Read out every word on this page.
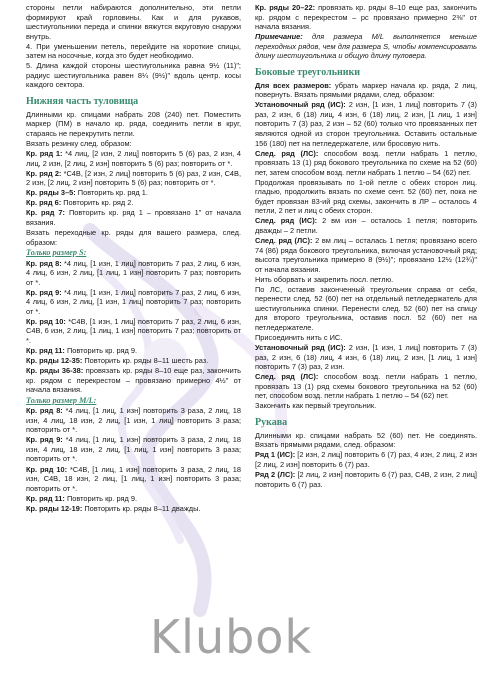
стороны петли набираются дополнительно, эти петли формируют край горловины. Как и для рукавов, шестиугольники переда и спинки вяжутся вкруговую снаружи внутрь.

4. При уменьшении петель, перейдите на короткие спицы, затем на носочные, когда это будет необходимо.

5. Длина каждой стороны шестиугольника равна 9½ (11)"; радиус шестиугольника равен 8¼ (9½)" вдоль центр. косы каждого сектора.

Нижняя часть туловища

Длинными кр. спицами набрать 208 (240) пет. Поместить маркер (ПМ) в начало кр. ряда, соединить петли в круг, стараясь не перекрутить петли.

Вязать резинку след. образом:

Кр. ряд 1: *4 лиц, [2 изн, 2 лиц] повторить 5 (6) раз, 2 изн, 4 лиц, 2 изн, [2 лиц, 2 изн] повторить 5 (6) раз; повторить от *.

Кр. ряд 2: *C4B, [2 изн, 2 лиц] повторить 5 (6) раз, 2 изн, C4B, 2 изн, [2 лиц, 2 изн] повторить 5 (6) раз; повторить от *.

Кр. ряды 3–5: Повторить кр. ряд 1.

Кр. ряд 6: Повторить кр. ряд 2.

Кр. ряд 7: Повторить кр. ряд 1 – провязано 1" от начала вязания.

Вязать переходные кр. ряды для вашего размера, след. образом:

Только размер S:

Кр. ряд 8: *4 лиц, [1 изн, 1 лиц] повторить 7 раз, 2 лиц, 6 изн, 4 лиц, 6 изн, 2 лиц, [1 лиц, 1 изн] повторить 7 раз; повторить от *.

Кр. ряд 9: *4 лиц, [1 изн, 1 лиц] повторить 7 раз, 2 лиц, 6 изн, 4 лиц, 6 изн, 2 лиц, [1 изн, 1 лиц] повторить 7 раз; повторить от *.

Кр. ряд 10: *C4B, [1 изн, 1 лиц] повторить 7 раз, 2 лиц, 6 изн, C4B, 6 изн, 2 лиц, [1 лиц, 1 изн] повторить 7 раз; повторить от *.

Кр. ряд 11: Повторить кр. ряд 9.

Кр. ряды 12-35: Повторить кр. ряды 8–11 шесть раз.

Кр. ряды 36-38: провязать кр. ряды 8–10 еще раз, закончить кр. рядом с перекрестом – провязано примерно 4½" от начала вязания.

Только размер M/L:

Кр. ряд 8: *4 лиц, [1 лиц, 1 изн] повторить 3 раза, 2 лиц, 18 изн, 4 лиц, 18 изн, 2 лиц, [1 изн, 1 лиц] повторить 3 раза; повторить от *.

Кр. ряд 9: *4 лиц, [1 лиц, 1 изн] повторить 3 раза, 2 лиц, 18 изн, 4 лиц, 18 изн, 2 лиц, [1 лиц, 1 изн] повторить 3 раза; повторить от *.

Кр. ряд 10: *C4B, [1 лиц, 1 изн] повторить 3 раза, 2 лиц, 18 изн, C4B, 18 изн, 2 лиц, [1 лиц, 1 изн] повторить 3 раза; повторить от *.

Кр. ряд 11: Повторить кр. ряд 9.

Кр. ряды 12-19: Повторить кр. ряды 8–11 дважды.

Кр. ряды 20–22: провязать кр. ряды 8–10 еще раз, закончить кр. рядом с перекрестом – рс провязано примерно 2⅜" от начала вязания.

Примечание: для размера M/L выполняется меньше переходных рядов, чем для размера S, чтобы компенсировать длину шестиугольника и общую длину пуловера.

Боковые треугольники

Для всех размеров: убрать маркер начала кр. ряда, 2 лиц, повернуть. Вязать прямыми рядами, след. образом:

Установочный ряд (ИС): 2 изн, [1 изн, 1 лиц] повторить 7 (3) раз, 2 изн, 6 (18) лиц, 4 изн, 6 (18) лиц, 2 изн, [1 лиц, 1 изн] повторить 7 (3) раз, 2 изн – 52 (60) только что провязанных пет являются одной из сторон треугольника. Оставить остальные 156 (180) пет на петледержателе, или бросовую нить.

След. ряд (ЛС): способом возд. петли набрать 1 петлю, провязать 13 (1) ряд бокового треугольника по схеме на 52 (60) пет, затем способом возд. петли набрать 1 петлю – 54 (62) пет.

Продолжая провязывать по 1-ой петле с обеих сторон лиц. гладью, продолжить вязать по схеме сент. 52 (60) пет, пока не будет провязан 83-ий ряд схемы, закончить в ЛР – осталось 4 петли, 2 пет и лиц с обеих сторон.

След. ряд (ИС): 2 вм изн – осталось 1 петля; повторить дважды – 2 петли.

След. ряд (ЛС): 2 вм лиц – осталась 1 петля; провязано всего 74 (86) ряда бокового треугольника, включая установочный ряд; высота треугольника примерно 8 (9½)"; провязано 12½ (12¾)" от начала вязания.

Нить оборвать и закрепить посл. петлю.

По ЛС, оставив законченный треугольник справа от себя, перенести след. 52 (60) пет на отдельный петледержатель для шестиугольника спинки. Перенести след. 52 (60) пет на спицу для второго треугольника, оставив посл. 52 (60) пет на петледержателе.

Присоединить нить с ИС.

Установочный ряд (ИС): 2 изн, [1 изн, 1 лиц] повторить 7 (3) раз, 2 изн, 6 (18) лиц, 4 изн, 6 (18) лиц, 2 изн, [1 лиц, 1 изн] повторить 7 (3) раз, 2 изн.

След. ряд (ЛС): способом возд. петли набрать 1 петлю, провязать 13 (1) ряд схемы бокового треугольника на 52 (60) пет, способом возд. петли набрать 1 петлю – 54 (62) пет.

Закончить как первый треугольник.

Рукава

Длинными кр. спицами набрать 52 (60) пет. Не соединять. Вязать прямыми рядами, след. образом:

Ряд 1 (ИС): [2 изн, 2 лиц] повторить 6 (7) раз, 4 изн, 2 лиц, 2 изн [2 лиц, 2 изн] повторить 6 (7) раз.

Ряд 2 (ЛС): [2 лиц, 2 изн] повторить 6 (7) раз, C4B, 2 изн, 2 лиц] повторить 6 (7) раз.

Klubok
